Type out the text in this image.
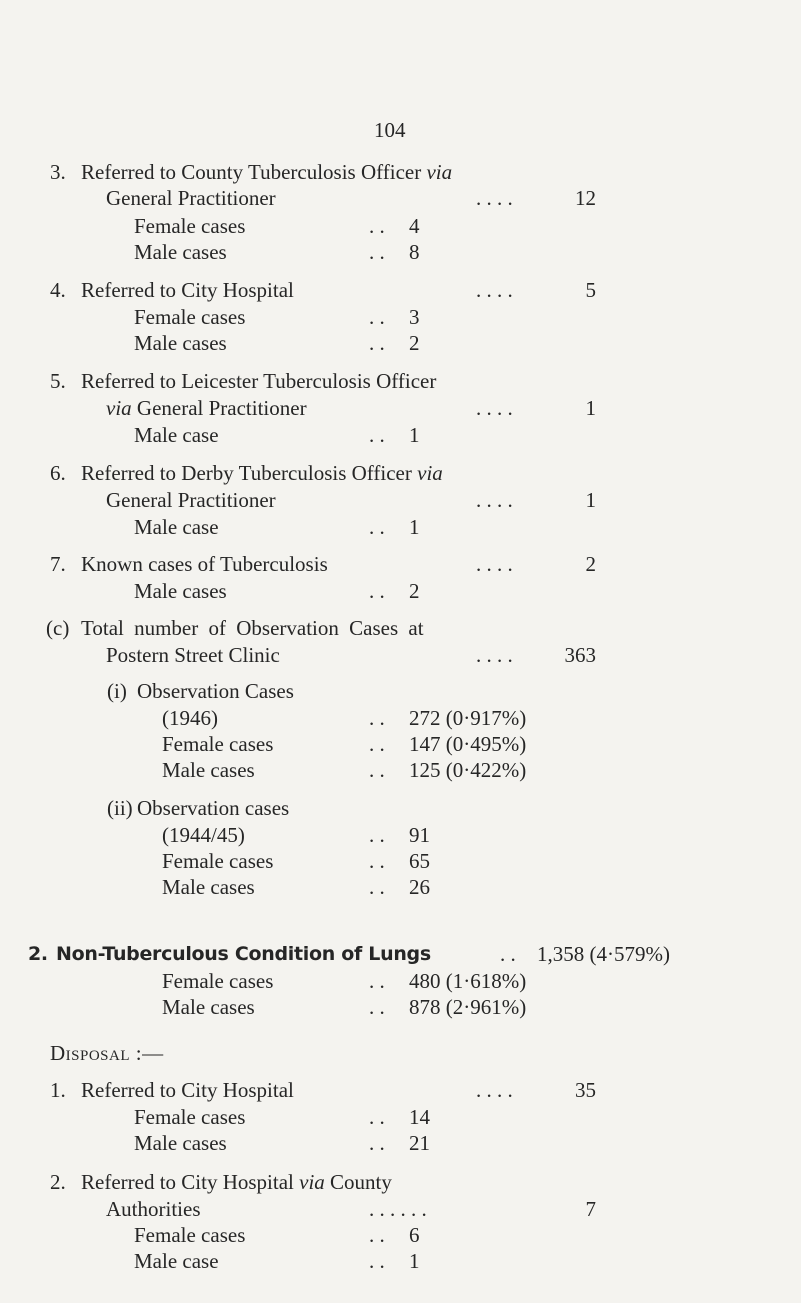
104
3. Referred to County Tuberculosis Officer via
General Practitioner	. . . .	12
Female cases	. . 4
Male cases	. . 8
4. Referred to City Hospital	. . . .	5
Female cases	. . 3
Male cases	. . 2
5. Referred to Leicester Tuberculosis Officer
via General Practitioner	. . . .	1
Male case	. . 1
6. Referred to Derby Tuberculosis Officer via
General Practitioner	. . . .	1
Male case	. . 1
7. Known cases of Tuberculosis	. . . .	2
Male cases	. . 2
(c) Total number of Observation Cases at
Postern Street Clinic	. . . . 363
(i) Observation Cases
(1946)	. . 272 (0·917%)
Female cases	. . 147 (0·495%)
Male cases	. . 125 (0·422%)
(ii) Observation cases
(1944/45)	. . 91
Female cases	. . 65
Male cases	. . 26
2. Non-Tuberculous Condition of Lungs	. . 1,358 (4·579%)
Female cases	. . 480 (1·618%)
Male cases	. . 878 (2·961%)
Disposal :—
1. Referred to City Hospital	. . . .	35
Female cases	. . 14
Male cases	. . 21
2. Referred to City Hospital via County
Authorities	. . . . . .	7
Female cases	. . 6
Male case	. . 1
